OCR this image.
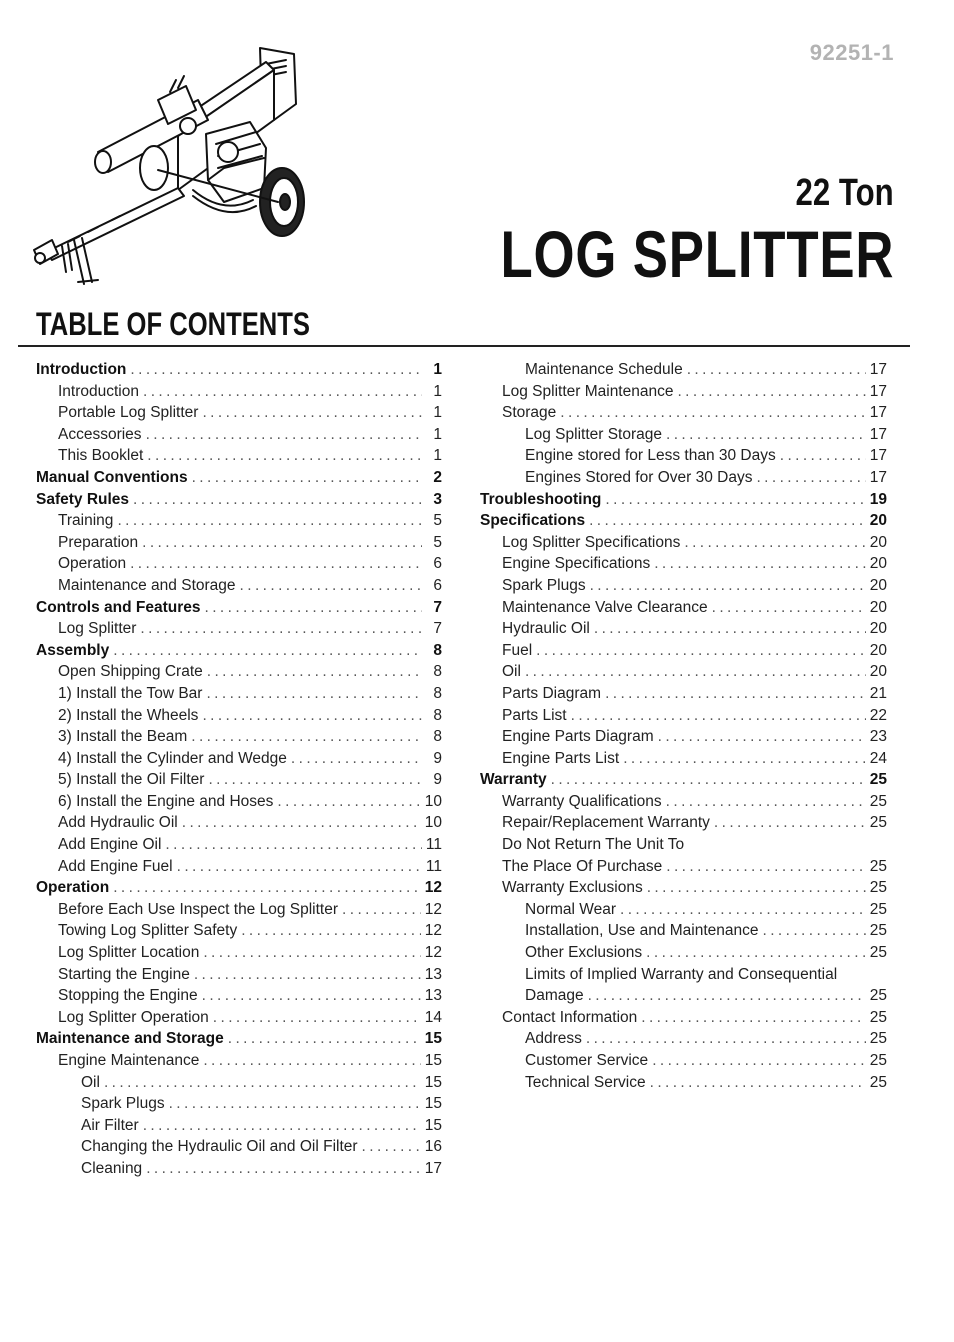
92251-1
22 Ton
LOG SPLITTER
TABLE OF CONTENTS
Introduction .....	1
Introduction .....	1
Portable Log Splitter .....	1
Accessories .....	1
This Booklet .....	1
Manual Conventions .....	2
Safety Rules .....	3
Training .....	5
Preparation .....	5
Operation .....	6
Maintenance and Storage .....	6
Controls and Features .....	7
Log Splitter .....	7
Assembly .....	8
Open Shipping Crate .....	8
1) Install the Tow Bar .....	8
2) Install the Wheels .....	8
3) Install the Beam .....	8
4) Install the Cylinder and Wedge .....	9
5) Install the Oil Filter .....	9
6) Install the Engine and Hoses .....	10
Add Hydraulic Oil .....	10
Add Engine Oil .....	11
Add Engine Fuel .....	11
Operation .....	12
Before Each Use Inspect the Log Splitter .....	12
Towing Log Splitter Safety .....	12
Log Splitter Location .....	12
Starting the Engine .....	13
Stopping the Engine .....	13
Log Splitter Operation .....	14
Maintenance and Storage .....	15
Engine Maintenance .....	15
Oil .....	15
Spark Plugs .....	15
Air Filter .....	15
Changing the Hydraulic Oil and Oil Filter .....	16
Cleaning .....	17
Maintenance Schedule .....	17
Log Splitter Maintenance .....	17
Storage .....	17
Log Splitter Storage .....	17
Engine stored for Less than 30 Days .....	17
Engines Stored for Over 30 Days .....	17
Troubleshooting .....	19
Specifications .....	20
Log Splitter Specifications .....	20
Engine Specifications .....	20
Spark Plugs .....	20
Maintenance Valve Clearance .....	20
Hydraulic Oil .....	20
Fuel .....	20
Oil .....	20
Parts Diagram .....	21
Parts List .....	22
Engine Parts Diagram .....	23
Engine Parts List .....	24
Warranty .....	25
Warranty Qualifications .....	25
Repair/Replacement Warranty .....	25
Do Not Return The Unit To
The Place Of Purchase .....	25
Warranty Exclusions .....	25
Normal Wear .....	25
Installation, Use and Maintenance .....	25
Other Exclusions .....	25
Limits of Implied Warranty and Consequential
Damage .....	25
Contact Information .....	25
Address .....	25
Customer Service .....	25
Technical Service .....	25
